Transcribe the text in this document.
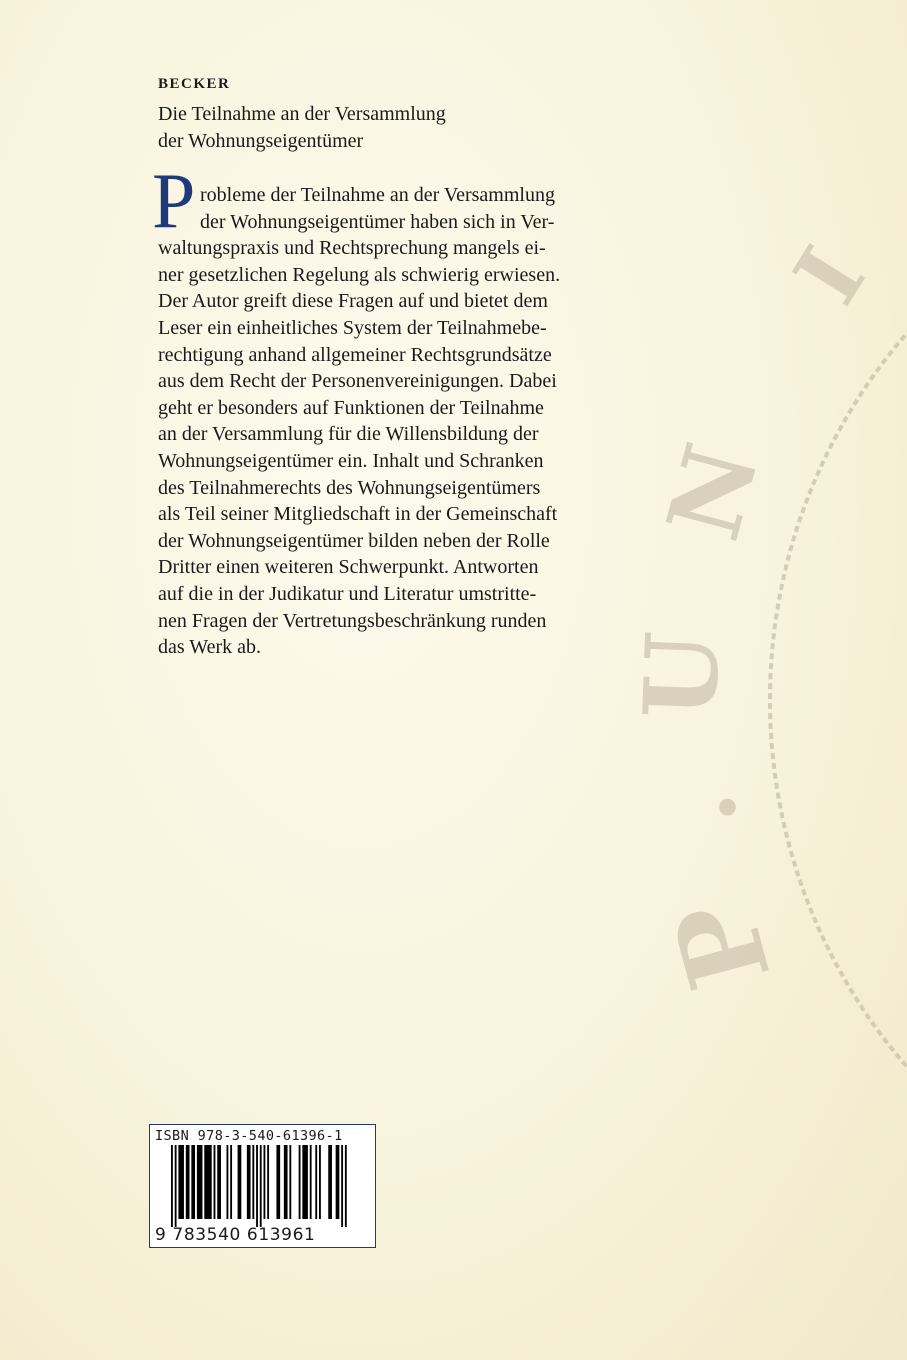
I
N
U
·
P
BECKER
Die Teilnahme an der Versammlung
der Wohnungseigentümer
P robleme der Teilnahme an der Versammlung
der Wohnungseigentümer haben sich in Ver-
waltungspraxis und Rechtsprechung mangels ei-
ner gesetzlichen Regelung als schwierig erwiesen.
Der Autor greift diese Fragen auf und bietet dem
Leser ein einheitliches System der Teilnahmebe-
rechtigung anhand allgemeiner Rechtsgrundsätze
aus dem Recht der Personenvereinigungen. Dabei
geht er besonders auf Funktionen der Teilnahme
an der Versammlung für die Willensbildung der
Wohnungseigentümer ein. Inhalt und Schranken
des Teilnahmerechts des Wohnungseigentümers
als Teil seiner Mitgliedschaft in der Gemeinschaft
der Wohnungseigentümer bilden neben der Rolle
Dritter einen weiteren Schwerpunkt. Antworten
auf die in der Judikatur und Literatur umstritte-
nen Fragen der Vertretungsbeschränkung runden
das Werk ab.
ISBN 978-3-540-61396-1
9 783540 613961
